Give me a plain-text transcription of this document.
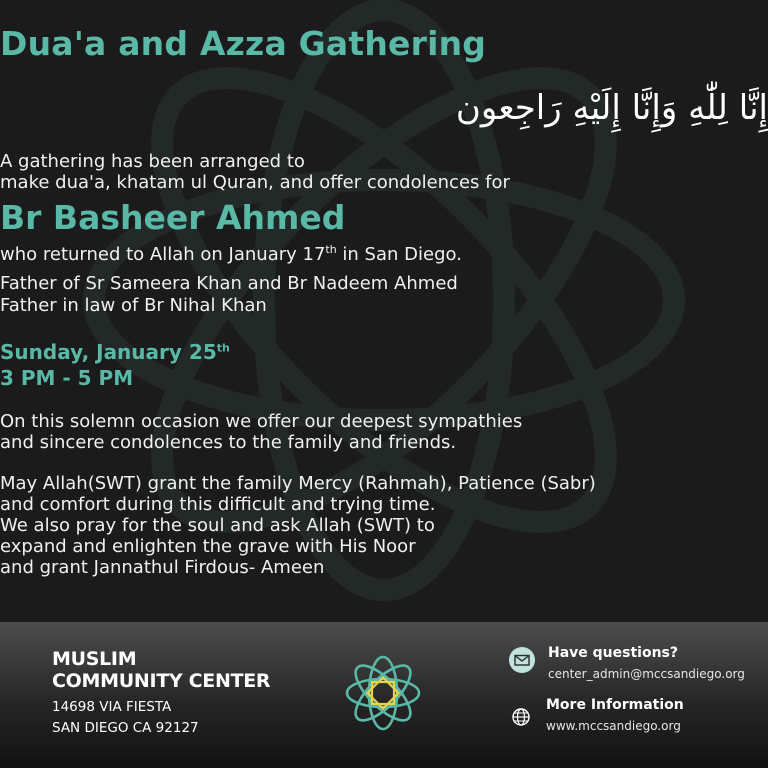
Dua'a and Azza Gathering
إِنَّا لِلّٰهِ وَإِنَّا إِلَيْهِ رَاجِعون
A gathering has been arranged to
make dua'a, khatam ul Quran, and offer condolences for
Br Basheer Ahmed
who returned to Allah on January 17th in San Diego.
Father of Sr Sameera Khan and Br Nadeem Ahmed
Father in law of Br Nihal Khan
Sunday, January 25th
3 PM - 5 PM
On this solemn occasion we offer our deepest sympathies
and sincere condolences to the family and friends.
May Allah(SWT) grant the family Mercy (Rahmah), Patience (Sabr)
and comfort during this difficult and trying time.
We also pray for the soul and ask Allah (SWT) to
expand and enlighten the grave with His Noor
and grant Jannathul Firdous- Ameen
MUSLIM
COMMUNITY CENTER
14698 VIA FIESTA
SAN DIEGO CA 92127
Have questions?
center_admin@mccsandiego.org
More Information
www.mccsandiego.org
